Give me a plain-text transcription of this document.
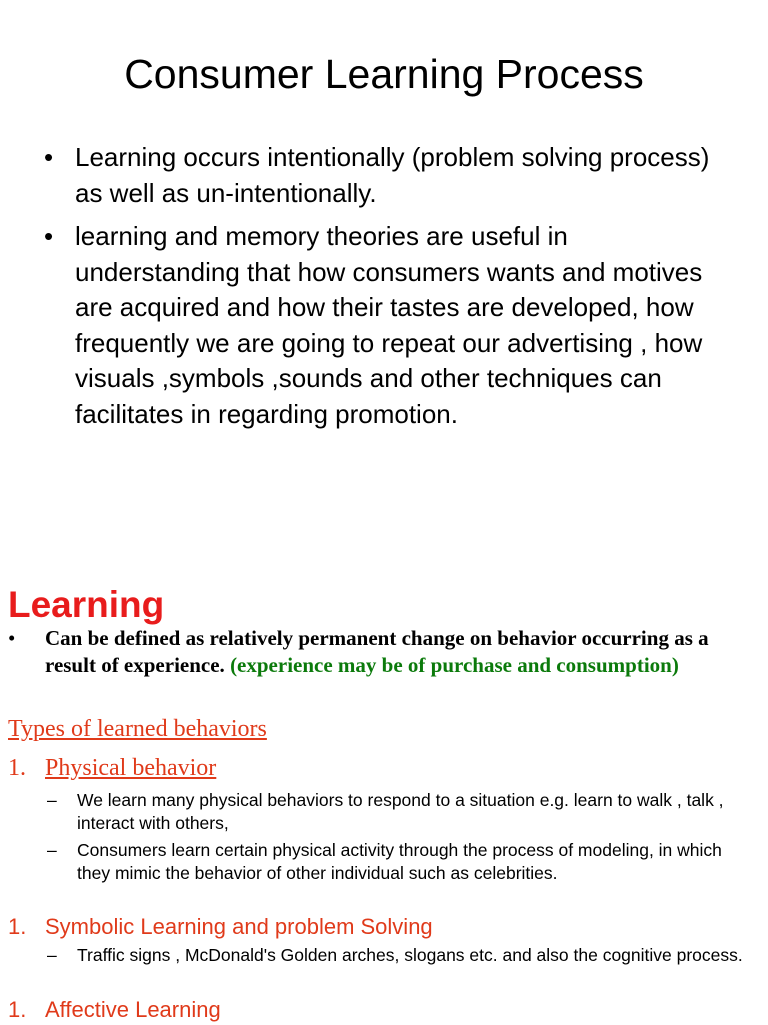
Consumer Learning Process
• Learning occurs intentionally (problem solving process) as well as un-intentionally.
• learning and memory theories are useful in understanding that how consumers wants and motives are acquired and how their tastes are developed, how frequently we are going to repeat our advertising , how visuals ,symbols ,sounds and other techniques can facilitates in regarding promotion.
Learning
• Can be defined as relatively permanent change on behavior occurring as a result of experience. (experience may be of purchase and consumption)
Types of learned behaviors
1. Physical behavior
– We learn many physical behaviors to respond to a situation e.g. learn to walk , talk , interact with others,
– Consumers learn certain physical activity through the process of modeling, in which they mimic the behavior of other individual such as celebrities.
1. Symbolic Learning and problem Solving
– Traffic signs , McDonald's Golden arches, slogans etc. and also the cognitive process.
1. Affective Learning
